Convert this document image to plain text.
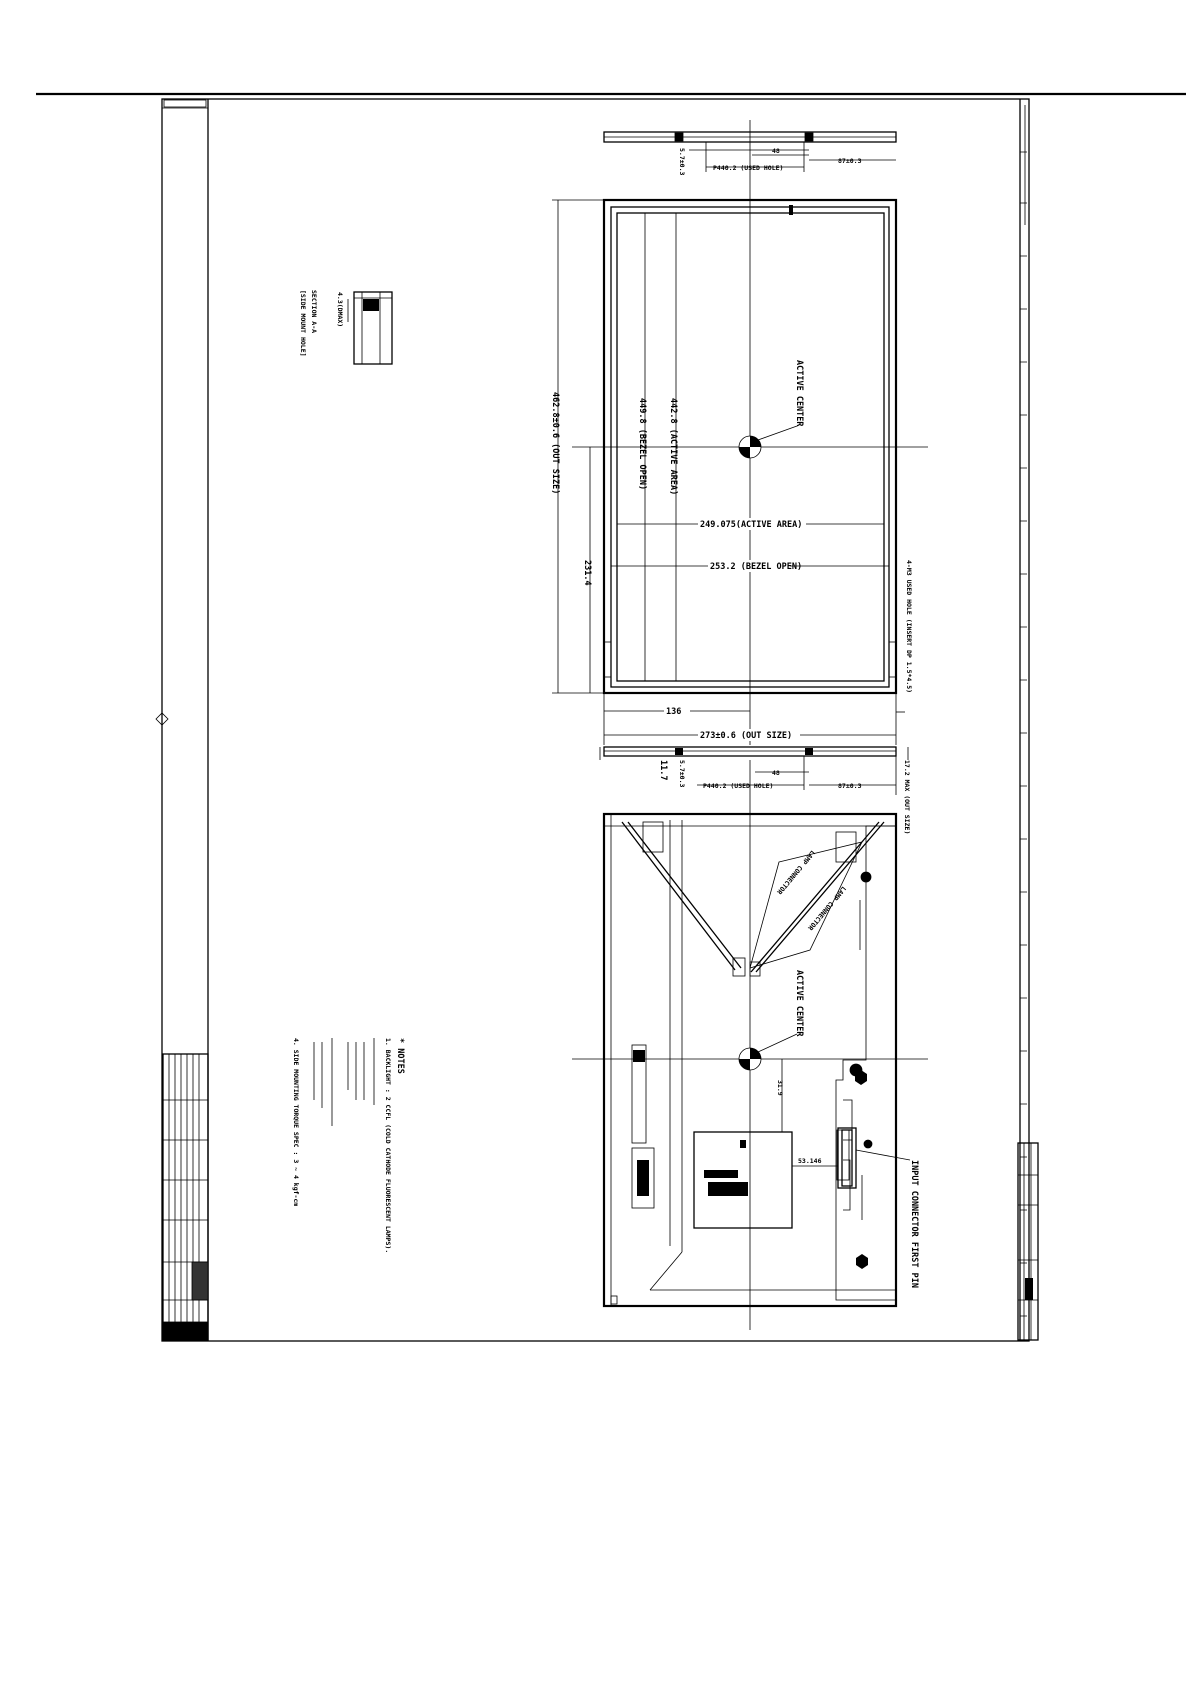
48
87±0.3
P440.2 (USED HOLE)
5.7±0.3
ACTIVE CENTER
462.8±0.6 (OUT SIZE)	449.8 (BEZEL OPEN) 442.8 (ACTIVE AREA)
231.4
249.075(ACTIVE AREA)
253.2 (BEZEL OPEN)
136
273±0.6 (OUT SIZE)
4-M3 USED HOLE (INSERT DP 1.5*4.5)
48
87±0.3
P440.2 (USED HOLE)
11.7 5.7±0.3	17.2 MAX (OUT SIZE)
LAMP CONNECTOR
LAMP CONNECTOR
INPUT CONNECTOR FIRST PIN
53.146
ACTIVE CENTER
31.9
4.3(DMAX)
SECTION A-A
[SIDE MOUNT HOLE]
* NOTES
1. BACKLIGHT : 2 CCFL (COLD CATHODE FLUORESCENT LAMPS).
4. SIDE MOUNTING TORQUE SPEC : 3 ~ 4 kgf-cm
